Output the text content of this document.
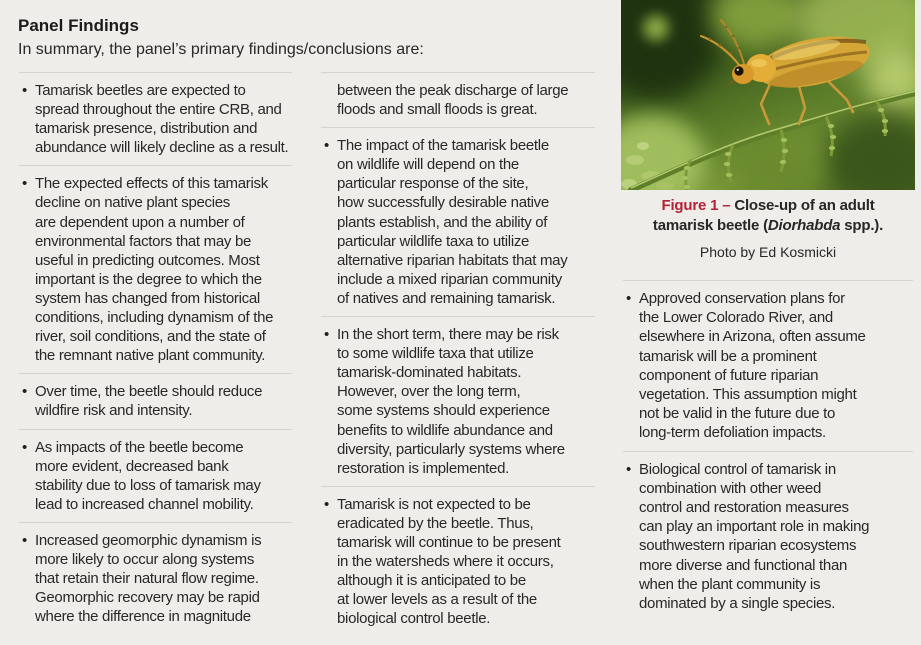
Panel Findings

In summary, the panel’s primary findings/conclusions are:

• Tamarisk beetles are expected to
spread throughout the entire CRB, and
tamarisk presence, distribution and
abundance will likely decline as a result.

• The expected effects of this tamarisk
decline on native plant species
are dependent upon a number of
environmental factors that may be
useful in predicting outcomes. Most
important is the degree to which the
system has changed from historical
conditions, including dynamism of the
river, soil conditions, and the state of
the remnant native plant community.

• Over time, the beetle should reduce
wildfire risk and intensity.

• As impacts of the beetle become
more evident, decreased bank
stability due to loss of tamarisk may
lead to increased channel mobility.

• Increased geomorphic dynamism is
more likely to occur along systems
that retain their natural flow regime.
Geomorphic recovery may be rapid
where the difference in magnitude

between the peak discharge of large
floods and small floods is great.

• The impact of the tamarisk beetle
on wildlife will depend on the
particular response of the site,
how successfully desirable native
plants establish, and the ability of
particular wildlife taxa to utilize
alternative riparian habitats that may
include a mixed riparian community
of natives and remaining tamarisk.

• In the short term, there may be risk
to some wildlife taxa that utilize
tamarisk-dominated habitats.
However, over the long term,
some systems should experience
benefits to wildlife abundance and
diversity, particularly systems where
restoration is implemented.

• Tamarisk is not expected to be
eradicated by the beetle. Thus,
tamarisk will continue to be present
in the watersheds where it occurs,
although it is anticipated to be
at lower levels as a result of the
biological control beetle.

Figure 1 – Close-up of an adult
tamarisk beetle (Diorhabda spp.).
Photo by Ed Kosmicki
• Approved conservation plans for
the Lower Colorado River, and
elsewhere in Arizona, often assume
tamarisk will be a prominent
component of future riparian
vegetation. This assumption might
not be valid in the future due to
long-term defoliation impacts.

• Biological control of tamarisk in
combination with other weed
control and restoration measures
can play an important role in making
southwestern riparian ecosystems
more diverse and functional than
when the plant community is
dominated by a single species.
